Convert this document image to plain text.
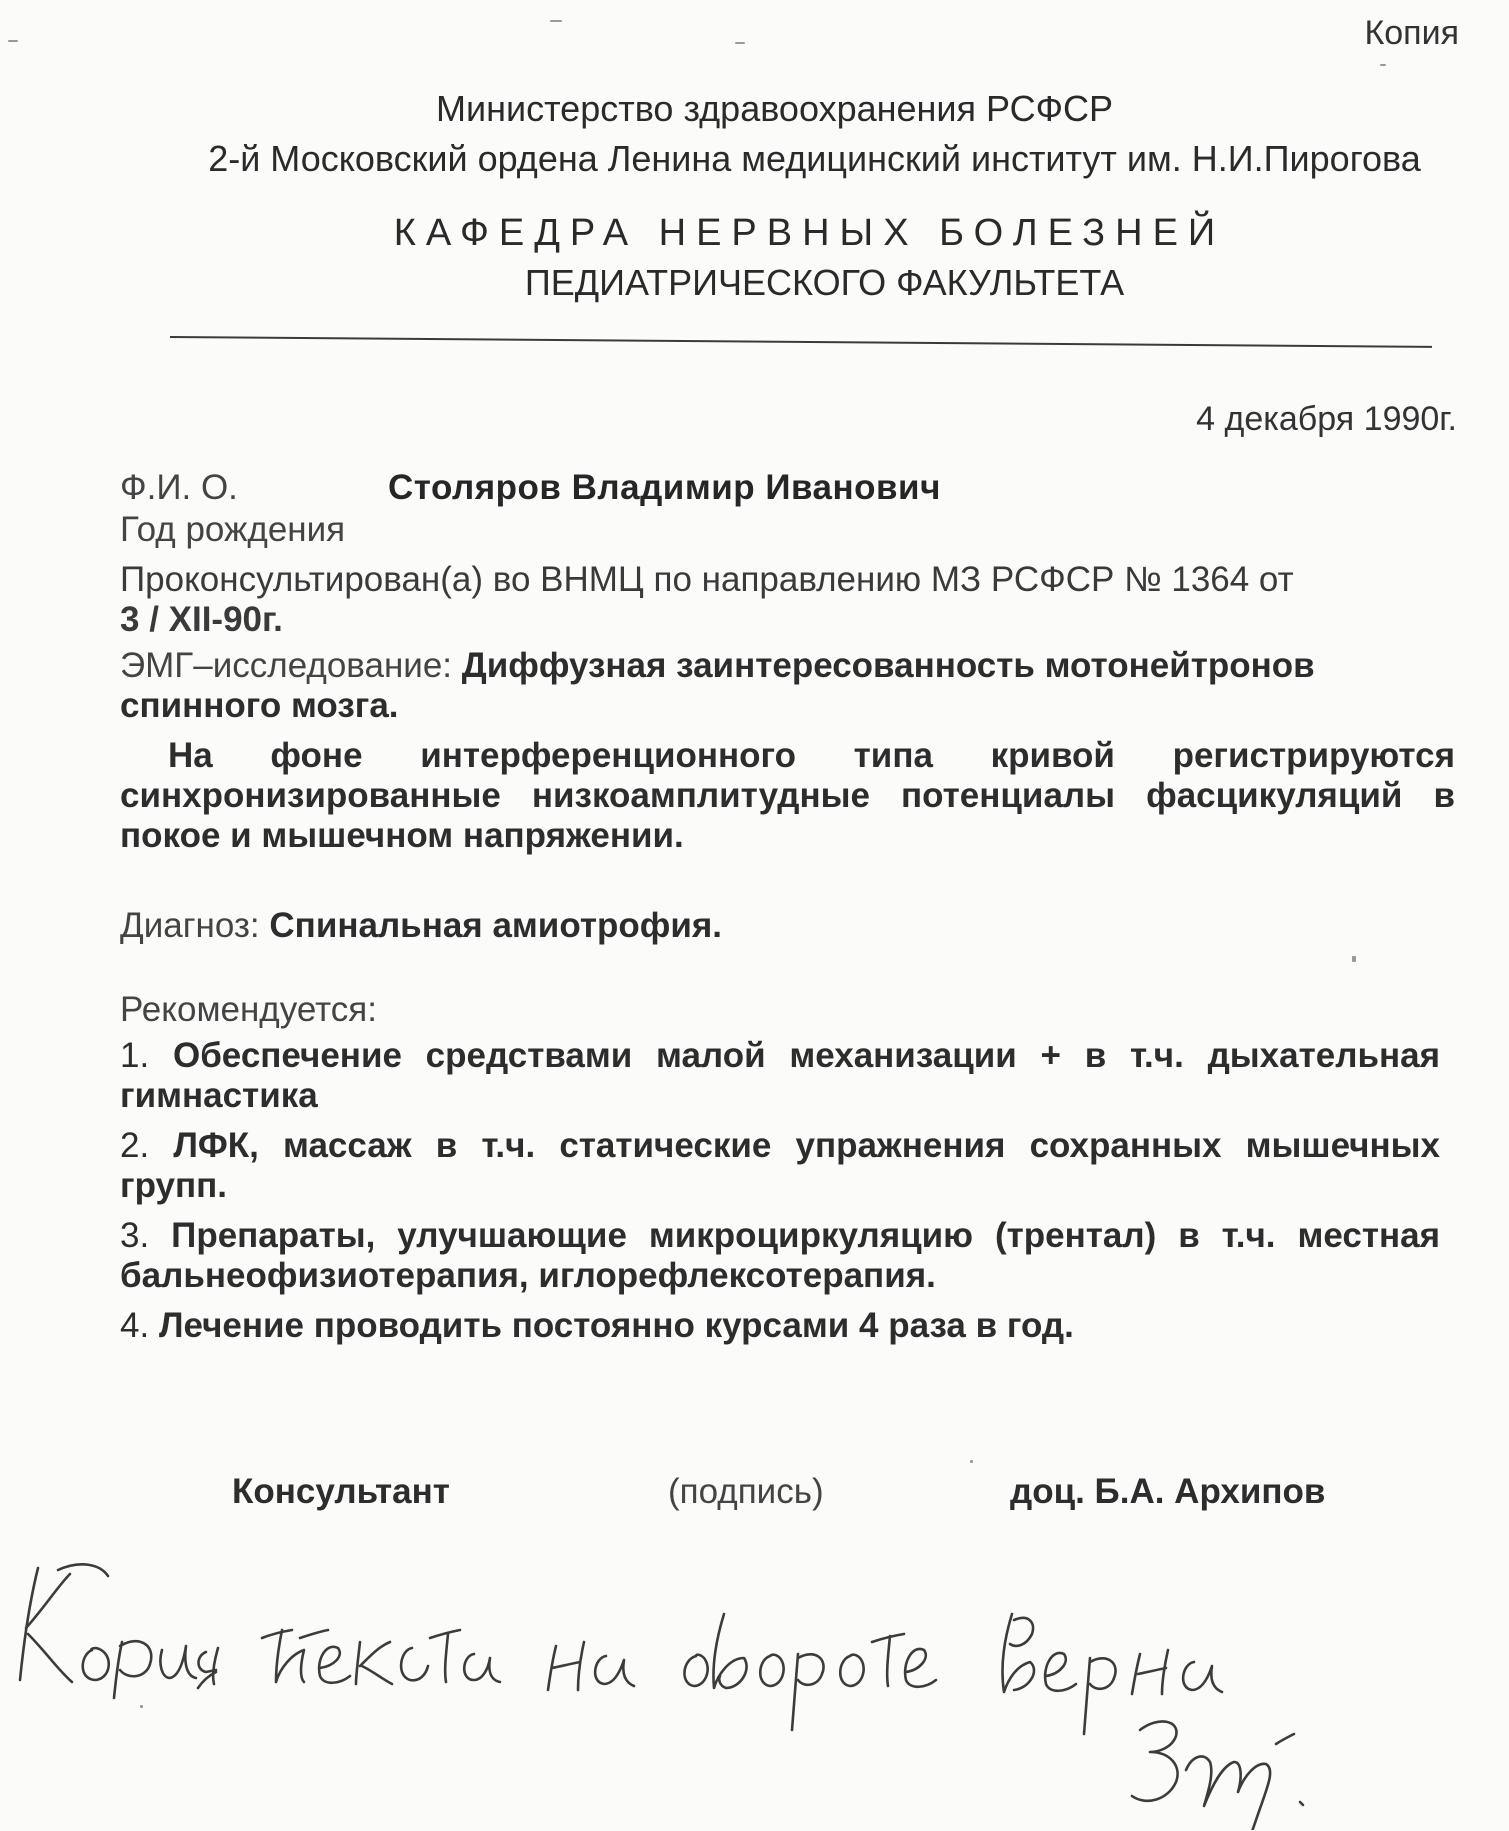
Копия
Министерство здравоохранения РСФСР
2-й Московский ордена Ленина медицинский институт им. Н.И.Пирогова
КАФЕДРА НЕРВНЫХ БОЛЕЗНЕЙ
ПЕДИАТРИЧЕСКОГО ФАКУЛЬТЕТА
4 декабря 1990г.
Ф.И. О.	Столяров Владимир Иванович
Год рождения
Проконсультирован(а) во ВНМЦ по направлению МЗ РСФСР № 1364 от
3 / XII-90г.
ЭМГ–исследование: Диффузная заинтересованность мотонейтронов спинного мозга.
На фоне интерференционного типа кривой регистрируются синхронизированные низкоамплитудные потенциалы фасцикуляций в покое и мышечном напряжении.
Диагноз: Спинальная амиотрофия.
Рекомендуется:
1. Обеспечение средствами малой механизации + в т.ч. дыхательная гимнастика
2. ЛФК, массаж в т.ч. статические упражнения сохранных мышечных групп.
3. Препараты, улучшающие микроциркуляцию (трентал) в т.ч. местная бальнеофизиотерапия, иглорефлексотерапия.
4. Лечение проводить постоянно курсами 4 раза в год.
Консультант	(подпись)	доц. Б.А. Архипов
